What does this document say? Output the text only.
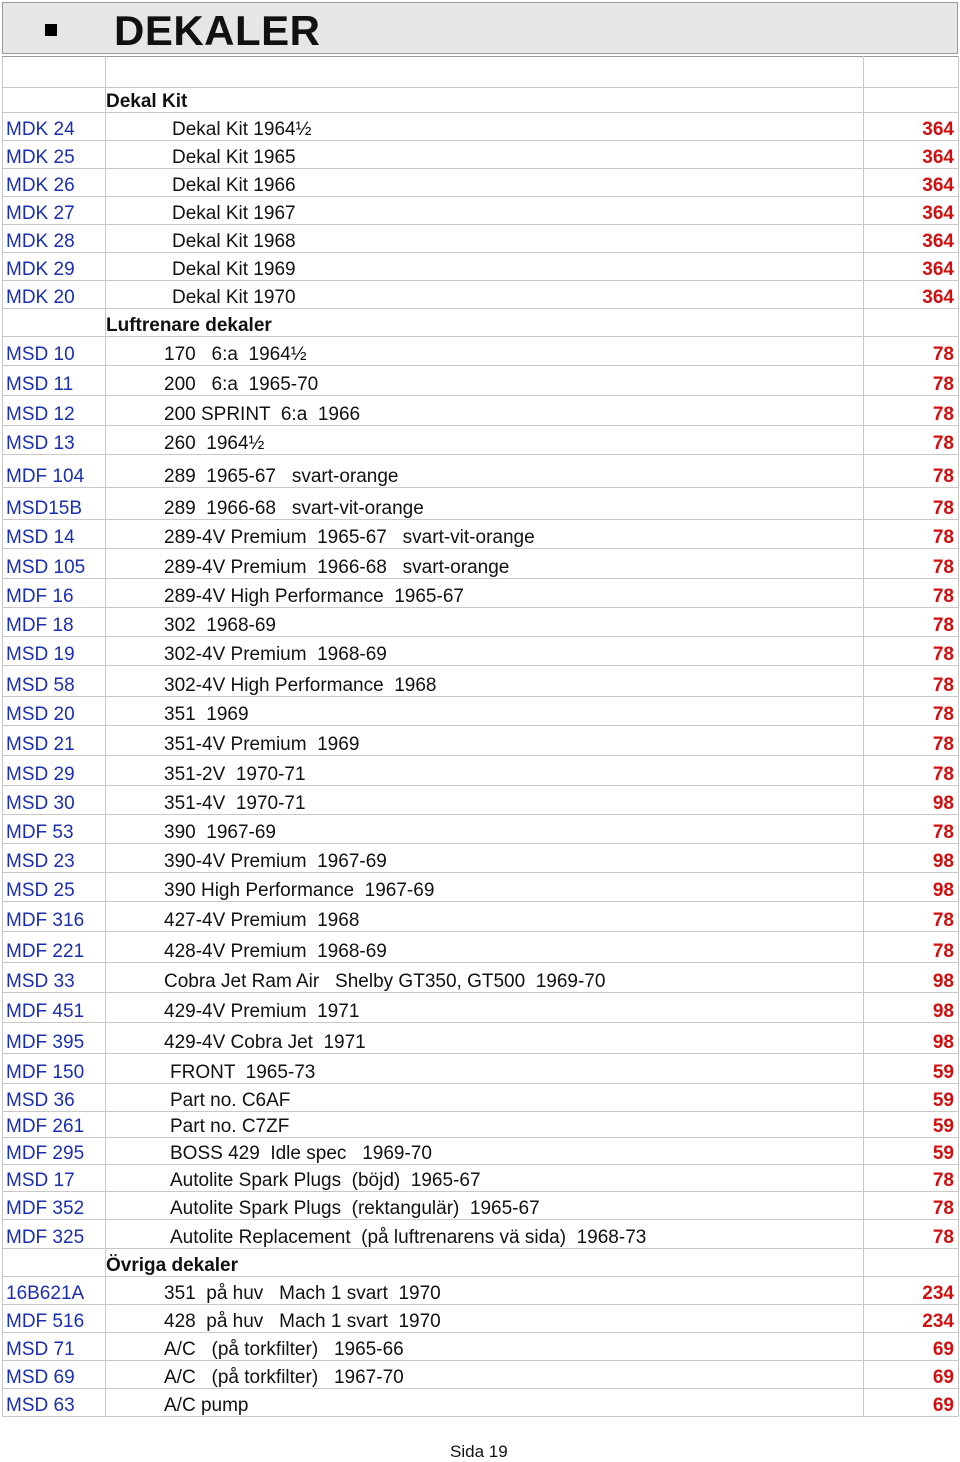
DEKALER

	Dekal Kit	
MDK 24	Dekal Kit 1964½	364
MDK 25	Dekal Kit 1965	364
MDK 26	Dekal Kit 1966	364
MDK 27	Dekal Kit 1967	364
MDK 28	Dekal Kit 1968	364
MDK 29	Dekal Kit 1969	364
MDK 20	Dekal Kit 1970	364
	Luftrenare dekaler	
MSD 10	170   6:a  1964½	78
MSD 11	200   6:a  1965-70	78
MSD 12	200 SPRINT  6:a  1966	78
MSD 13	260  1964½	78
MDF 104	289  1965-67   svart-orange	78
MSD15B	289  1966-68   svart-vit-orange	78
MSD 14	289-4V Premium  1965-67   svart-vit-orange	78
MSD 105	289-4V Premium  1966-68   svart-orange	78
MDF 16	289-4V High Performance  1965-67	78
MDF 18	302  1968-69	78
MSD 19	302-4V Premium  1968-69	78
MSD 58	302-4V High Performance  1968	78
MSD 20	351  1969	78
MSD 21	351-4V Premium  1969	78
MSD 29	351-2V  1970-71	78
MSD 30	351-4V  1970-71	98
MDF 53	390  1967-69	78
MSD 23	390-4V Premium  1967-69	98
MSD 25	390 High Performance  1967-69	98
MDF 316	427-4V Premium  1968	78
MDF 221	428-4V Premium  1968-69	78
MSD 33	Cobra Jet Ram Air   Shelby GT350, GT500  1969-70	98
MDF 451	429-4V Premium  1971	98
MDF 395	429-4V Cobra Jet  1971	98
MDF 150	FRONT  1965-73	59
MSD 36	Part no. C6AF	59
MDF 261	Part no. C7ZF	59
MDF 295	BOSS 429  Idle spec   1969-70	59
MSD 17	Autolite Spark Plugs  (böjd)  1965-67	78
MDF 352	Autolite Spark Plugs  (rektangulär)  1965-67	78
MDF 325	Autolite Replacement  (på luftrenarens vä sida)  1968-73	78
	Övriga dekaler	
16B621A	351  på huv   Mach 1 svart  1970	234
MDF 516	428  på huv   Mach 1 svart  1970	234
MSD 71	A/C   (på torkfilter)   1965-66	69
MSD 69	A/C   (på torkfilter)   1967-70	69
MSD 63	A/C pump	69
Sida 19
